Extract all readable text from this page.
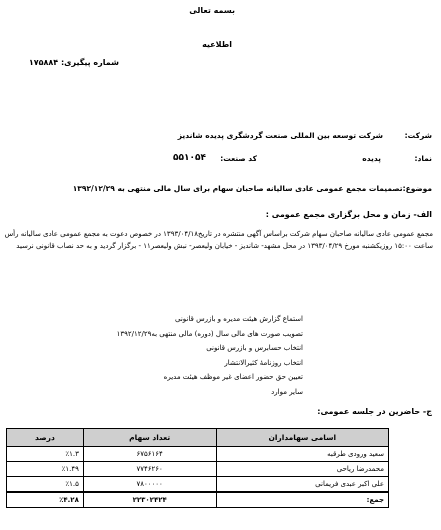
بسمه تعالی
اطلاعیه
شماره پیگیری: ۱۷۵۸۸۴
شرکت:
شرکت توسعه بین المللی صنعت گردشگری پدیده شاندیز
نماد:
پدیده
کد صنعت:
۵۵۱۰۵۴
موضوع:تصمیمات مجمع عمومی عادی سالیانه صاحبان سهام برای سال مالی منتهی به ۱۳۹۲/۱۲/۲۹
الف- زمان و محل برگزاری مجمع عمومی :
مجمع عمومی عادی سالیانه صاحبان سهام شرکت براساس آگهی منتشره در تاریخ۱۳۹۳/۰۴/۱۸ در خصوص دعوت به مجمع عمومی عادی سالیانه رأس
ساعت ۱۵:۰۰ روزیکشنبه مورخ ۱۳۹۳/۰۴/۲۹ در محل مشهد- شاندیز - خیابان ولیعصر- نبش ولیعصر۱۱ - برگزار گردید و به حد نصاب قانونی نرسید
استماع گزارش هیئت مدیره و بازرس قانونی
تصویب صورت های مالی سال (دوره) مالی منتهی به۱۳۹۲/۱۲/۲۹
انتخاب حسابرس و بازرس قانونی
انتخاب روزنامهٔ کثیرالانتشار
تعیین حق حضور اعضای غیر موظف هیئت مدیره
سایر موارد
ج- حاضرین در جلسه عمومی:
اسامی سهامداران	تعداد سهام	درصد
سعید ورودی طرقبه	۶۷۵۶۱۶۴	٪۱.۳
محمدرضا ریاحی	۷۷۴۶۲۶۰	٪۱.۴۹
علی اکبر عبدی فریمانی	۷۸۰۰۰۰۰	٪۱.۵
جمع:	۲۲۳۰۲۴۲۴	٪۴.۲۸
